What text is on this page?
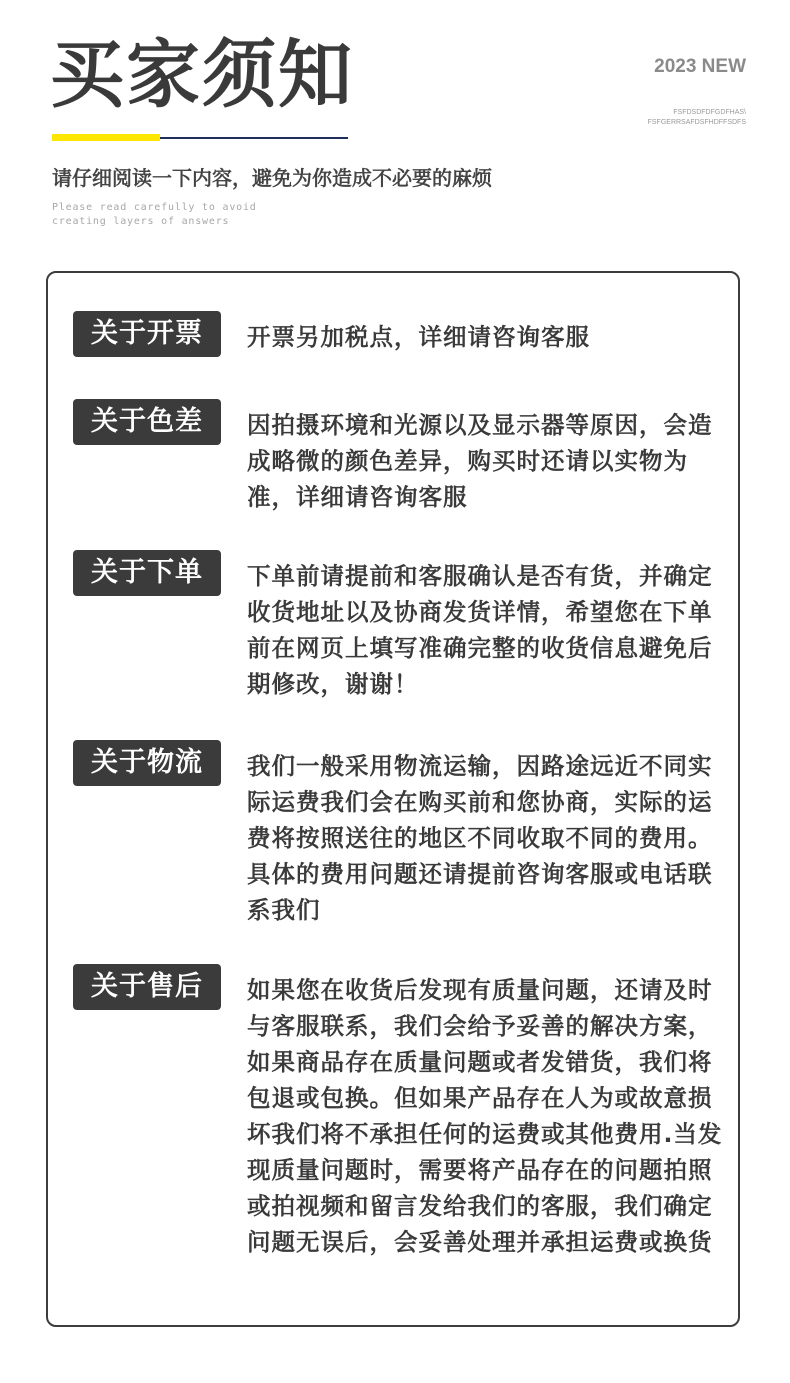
买家须知	2023 NEW
FSFDSDFDFGDFHAS\
FSFGERRSAFDSFHDFFSDFS
请仔细阅读一下内容，避免为你造成不必要的麻烦
Please read carefully to avoid creating layers of answers
关于开票	开票另加税点，详细请咨询客服
关于色差	因拍摄环境和光源以及显示器等原因，会造成略微的颜色差异，购买时还请以实物为准，详细请咨询客服
关于下单	下单前请提前和客服确认是否有货，并确定收货地址以及协商发货详情，希望您在下单前在网页上填写准确完整的收货信息避免后期修改，谢谢！
关于物流	我们一般采用物流运输，因路途远近不同实际运费我们会在购买前和您协商，实际的运费将按照送往的地区不同收取不同的费用。具体的费用问题还请提前咨询客服或电话联系我们
关于售后	如果您在收货后发现有质量问题，还请及时与客服联系，我们会给予妥善的解决方案，如果商品存在质量问题或者发错货，我们将包退或包换。但如果产品存在人为或故意损坏我们将不承担任何的运费或其他费用.当发现质量问题时，需要将产品存在的问题拍照或拍视频和留言发给我们的客服，我们确定问题无误后，会妥善处理并承担运费或换货
